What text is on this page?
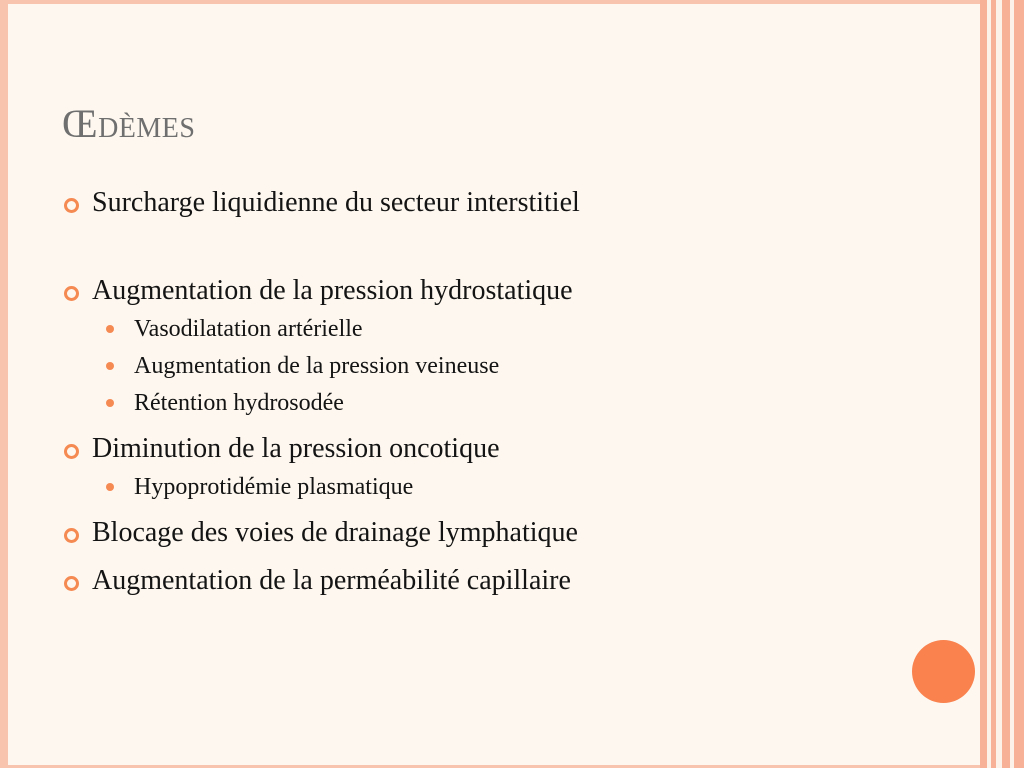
Œdèmes
Surcharge liquidienne du secteur interstitiel
Augmentation de la pression hydrostatique
Vasodilatation artérielle
Augmentation de la pression veineuse
Rétention hydrosodée
Diminution de la pression oncotique
Hypoprotidémie plasmatique
Blocage des voies de drainage lymphatique
Augmentation de la perméabilité capillaire
